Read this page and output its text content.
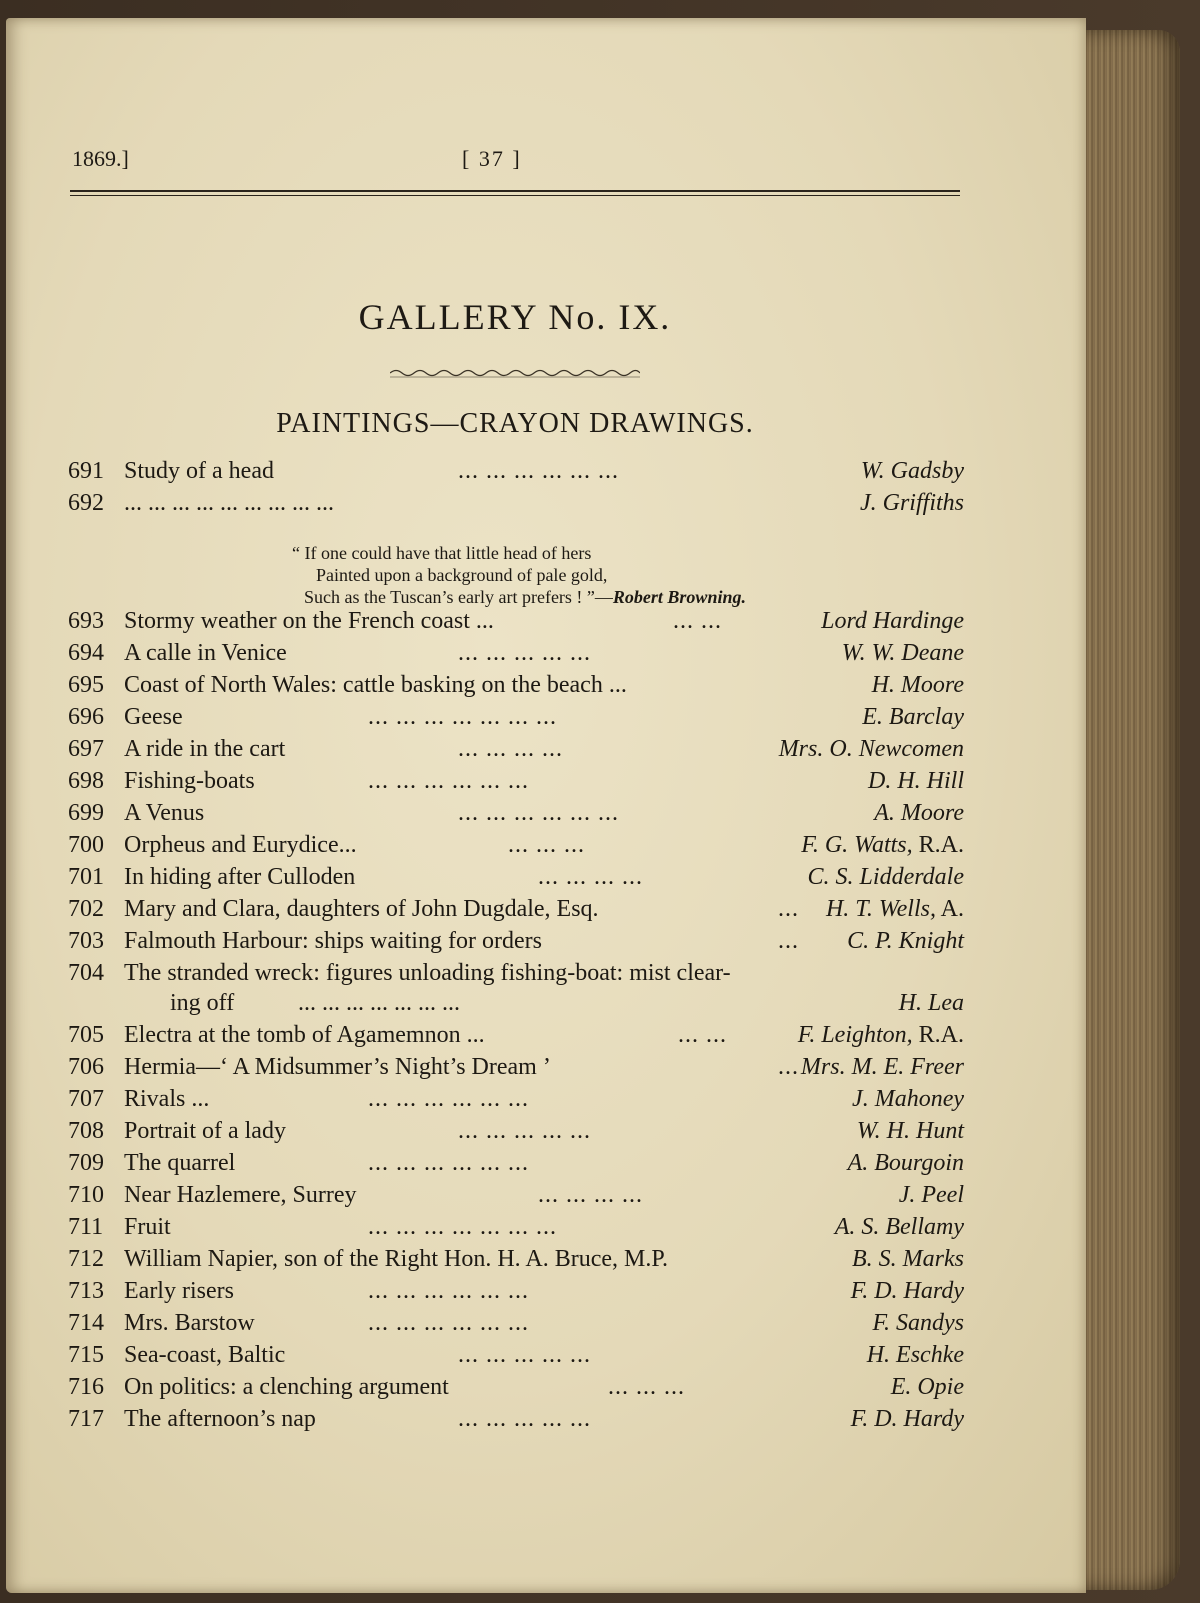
1869.]	[ 37 ]
GALLERY No. IX.
PAINTINGS—CRAYON DRAWINGS.
“ If one could have that little head of hers
Painted upon a background of pale gold,
Such as the Tuscan’s early art prefers ! ”—Robert Browning.
691 Study of a head	... ... ... ... ... ...	W. Gadsby
692 ... ... ... ... ... ... ... ... ...	J. Griffiths
693 Stormy weather on the French coast ...	... ...	Lord Hardinge
694 A calle in Venice	... ... ... ... ...	W. W. Deane
695 Coast of North Wales: cattle basking on the beach ...	H. Moore
696 Geese	... ... ... ... ... ... ...	E. Barclay
697 A ride in the cart	... ... ... ...	Mrs. O. Newcomen
698 Fishing-boats	... ... ... ... ... ...	D. H. Hill
699 A Venus	... ... ... ... ... ...	A. Moore
700 Orpheus and Eurydice...	... ... ...	F. G. Watts, R.A.
701 In hiding after Culloden	... ... ... ...	C. S. Lidderdale
702 Mary and Clara, daughters of John Dugdale, Esq.	... H. T. Wells, A.
703 Falmouth Harbour: ships waiting for orders	... C. P. Knight
704 The stranded wreck: figures unloading fishing-boat: mist clear-
ing off	... ... ... ... ... ... ...	H. Lea
705 Electra at the tomb of Agamemnon ...	... ...	F. Leighton, R.A.
706 Hermia—‘ A Midsummer’s Night’s Dream ’	... Mrs. M. E. Freer
707 Rivals ...	... ... ... ... ... ...	J. Mahoney
708 Portrait of a lady	... ... ... ... ...	W. H. Hunt
709 The quarrel	... ... ... ... ... ...	A. Bourgoin
710 Near Hazlemere, Surrey	... ... ... ...	J. Peel
711 Fruit	... ... ... ... ... ... ...	A. S. Bellamy
712 William Napier, son of the Right Hon. H. A. Bruce, M.P.	B. S. Marks
713 Early risers	... ... ... ... ... ...	F. D. Hardy
714 Mrs. Barstow	... ... ... ... ... ...	F. Sandys
715 Sea-coast, Baltic	... ... ... ... ...	H. Eschke
716 On politics: a clenching argument	... ... ...	E. Opie
717 The afternoon’s nap	... ... ... ... ...	F. D. Hardy
